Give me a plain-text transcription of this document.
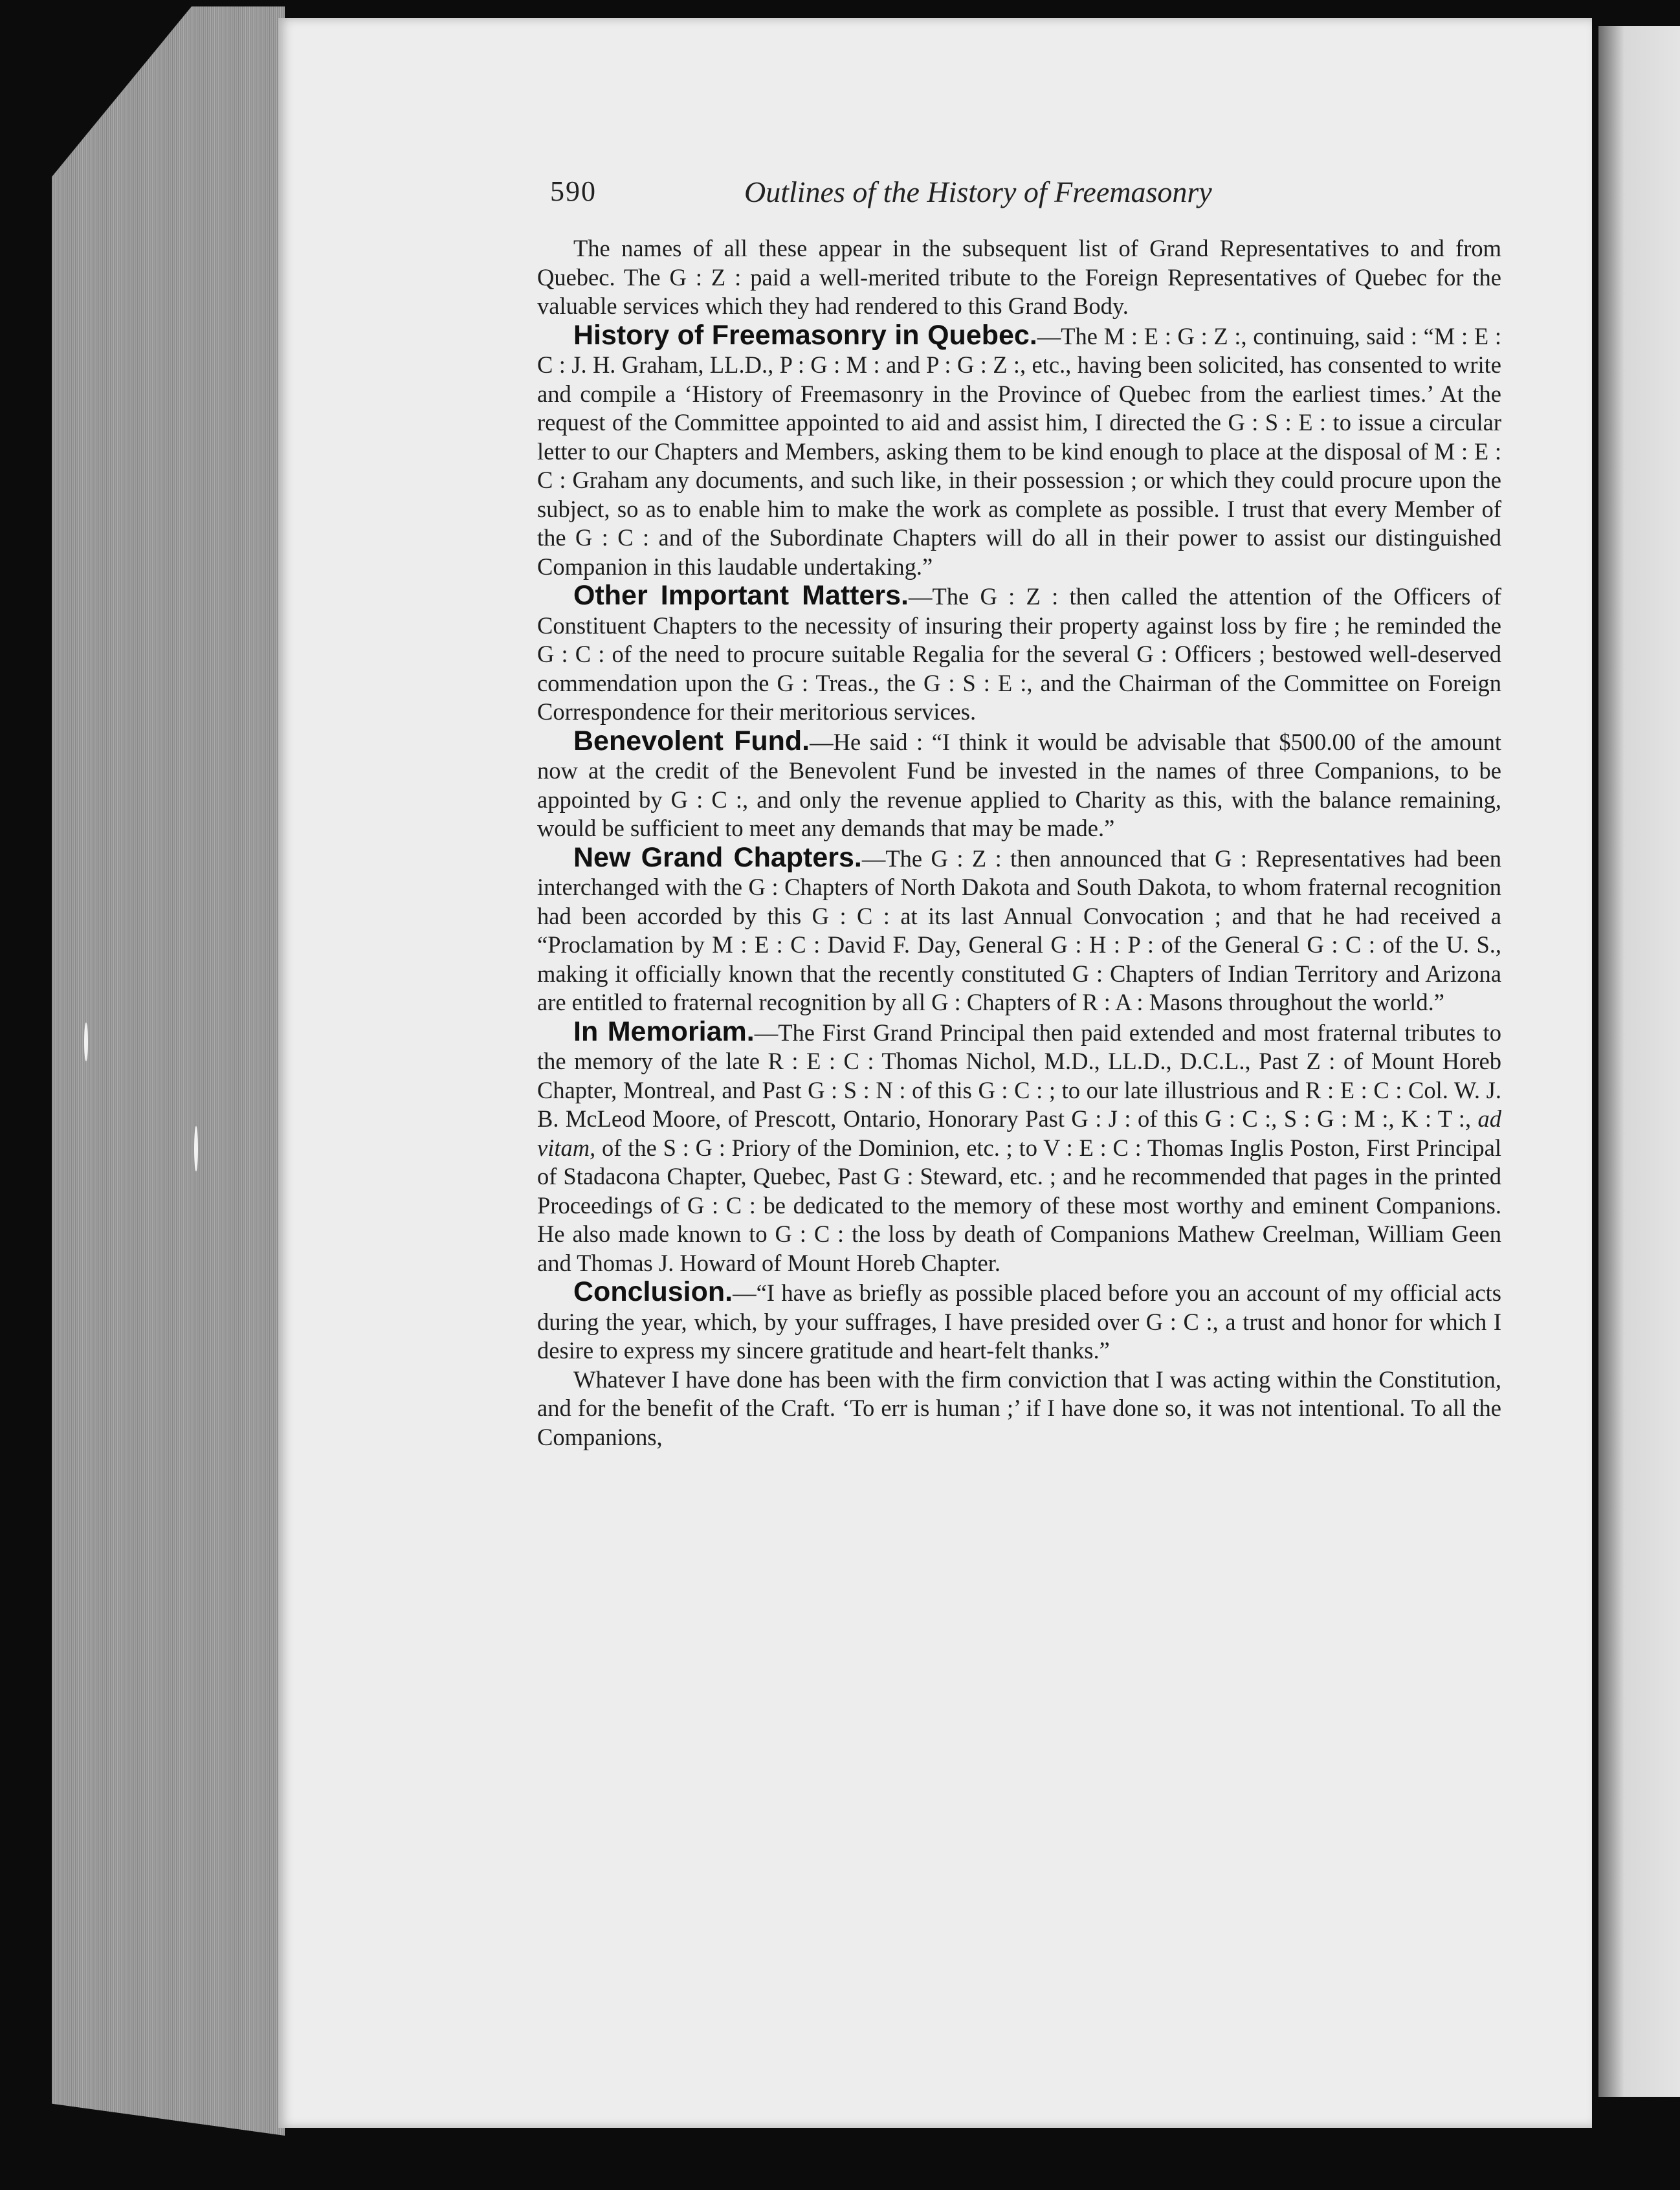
590	Outlines of the History of Freemasonry

The names of all these appear in the subsequent list of Grand Representatives to and from Quebec. The G : Z : paid a well-merited tribute to the Foreign Representatives of Quebec for the valuable services which they had rendered to this Grand Body.

History of Freemasonry in Quebec.—The M : E : G : Z :, continuing, said : “M : E : C : J. H. Graham, LL.D., P : G : M : and P : G : Z :, etc., having been solicited, has consented to write and compile a ‘History of Freemasonry in the Province of Quebec from the earliest times.’ At the request of the Committee appointed to aid and assist him, I directed the G : S : E : to issue a circular letter to our Chapters and Members, asking them to be kind enough to place at the disposal of M : E : C : Graham any documents, and such like, in their possession ; or which they could procure upon the subject, so as to enable him to make the work as complete as possible. I trust that every Member of the G : C : and of the Subordinate Chapters will do all in their power to assist our distinguished Companion in this laudable undertaking.”

Other Important Matters.—The G : Z : then called the attention of the Officers of Constituent Chapters to the necessity of insuring their property against loss by fire ; he reminded the G : C : of the need to procure suitable Regalia for the several G : Officers ; bestowed well-deserved commendation upon the G : Treas., the G : S : E :, and the Chairman of the Committee on Foreign Correspondence for their meritorious services.

Benevolent Fund.—He said : “I think it would be advisable that $500.00 of the amount now at the credit of the Benevolent Fund be invested in the names of three Companions, to be appointed by G : C :, and only the revenue applied to Charity as this, with the balance remaining, would be sufficient to meet any demands that may be made.”

New Grand Chapters.—The G : Z : then announced that G : Representatives had been interchanged with the G : Chapters of North Dakota and South Dakota, to whom fraternal recognition had been accorded by this G : C : at its last Annual Convocation ; and that he had received a “Proclamation by M : E : C : David F. Day, General G : H : P : of the General G : C : of the U. S., making it officially known that the recently constituted G : Chapters of Indian Territory and Arizona are entitled to fraternal recognition by all G : Chapters of R : A : Masons throughout the world.”

In Memoriam.—The First Grand Principal then paid extended and most fraternal tributes to the memory of the late R : E : C : Thomas Nichol, M.D., LL.D., D.C.L., Past Z : of Mount Horeb Chapter, Montreal, and Past G : S : N : of this G : C : ; to our late illustrious and R : E : C : Col. W. J. B. McLeod Moore, of Prescott, Ontario, Honorary Past G : J : of this G : C :, S : G : M :, K : T :, ad vitam, of the S : G : Priory of the Dominion, etc. ; to V : E : C : Thomas Inglis Poston, First Principal of Stadacona Chapter, Quebec, Past G : Steward, etc. ; and he recommended that pages in the printed Proceedings of G : C : be dedicated to the memory of these most worthy and eminent Companions. He also made known to G : C : the loss by death of Companions Mathew Creelman, William Geen and Thomas J. Howard of Mount Horeb Chapter.

Conclusion.—“I have as briefly as possible placed before you an account of my official acts during the year, which, by your suffrages, I have presided over G : C :, a trust and honor for which I desire to express my sincere gratitude and heart-felt thanks.”

Whatever I have done has been with the firm conviction that I was acting within the Constitution, and for the benefit of the Craft. ‘To err is human ;’ if I have done so, it was not intentional. To all the Companions,
